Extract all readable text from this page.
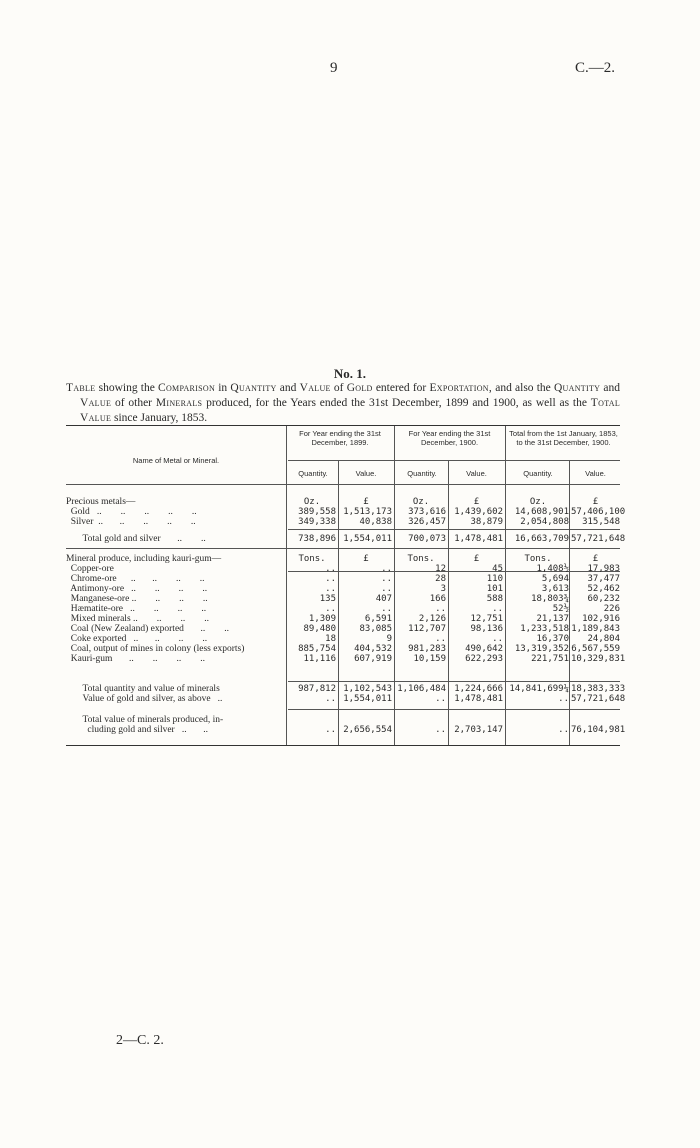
9	C.—2.
No. 1.

Table showing the Comparison in Quantity and Value of Gold entered for Exportation, and also the Quantity and Value of other Minerals produced, for the Years ended the 31st December, 1899 and 1900, as well as the Total Value since January, 1853.

Name of Metal or Mineral.
For Year ending the 31st December, 1899.
For Year ending the 31st December, 1900.
Total from the 1st January, 1853, to the 31st December, 1900.
Quantity.	Value.	Quantity.	Value.	Quantity.	Value.
Precious metals—	Oz.	£	Oz.	£	Oz.	£
Gold   ..        ..        ..        ..        ..	389,558 1,513,173	373,616 1,439,602	14,608,901 57,406,100
Silver  ..       ..        ..        ..        ..	349,338	40,838	326,457	38,879	2,054,808	315,548
Total gold and silver       ..        ..	738,896 1,554,011	700,073 1,478,481	16,663,709 57,721,648
Mineral produce, including kauri-gum—	Tons.	£	Tons.	£	Tons.	£
Copper-ore	..	..	12	45	1,408½	17,983
Chrome-ore      ..       ..        ..        ..	..	..	28	110	5,694	37,477
Antimony-ore   ..        ..        ..        ..	..	..	3	101	3,613	52,462
Manganese-ore ..        ..        ..        ..	135	407	166	588	18,803¾	60,232
Hæmatite-ore   ..        ..        ..        ..	..	..	..	..	52½	226
Mixed minerals ..        ..        ..        ..	1,309	6,591	2,126	12,751	21,137	102,916
Coal (New Zealand) exported       ..        ..	89,480	83,085	112,707	98,136	1,233,518 1,189,843
Coke exported   ..       ..        ..        ..	18	9	..	..	16,370	24,804
Coal, output of mines in colony (less exports)	885,754	404,532	981,283	490,642	13,319,352 6,567,559
Kauri-gum       ..        ..        ..        ..	11,116	607,919	10,159	622,293	221,751 10,329,831
Total quantity and value of minerals	987,812 1,102,543 1,106,484 1,224,666 14,841,699¼ 18,383,333
Value of gold and silver, as above   ..	.. 1,554,011	.. 1,478,481	.. 57,721,648
Total value of minerals produced, in-
cluding gold and silver   ..       ..	.. 2,656,554	.. 2,703,147	.. 76,104,981
2—C. 2.
